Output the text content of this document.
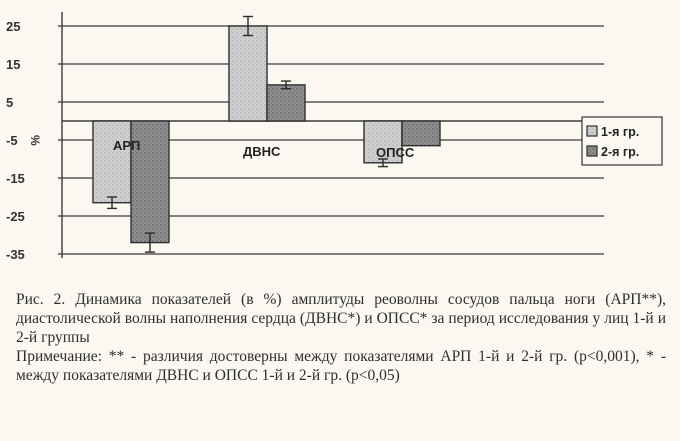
25
15
5
-5
-15
-25
-35
%	АРП	ДВНС	ОПСС
1-я гр.
2-я гр.

Рис. 2. Динамика показателей (в %) амплитуды реоволны сосудов пальца ноги (АРП**), диастолической волны наполнения сердца (ДВНС*) и ОПСС* за период исследования у лиц 1-й и 2-й группы

Примечание: ** - различия достоверны между показателями АРП 1-й и 2-й гр. (p<0,001), * - между показателями ДВНС и ОПСС 1-й и 2-й гр. (p<0,05)
